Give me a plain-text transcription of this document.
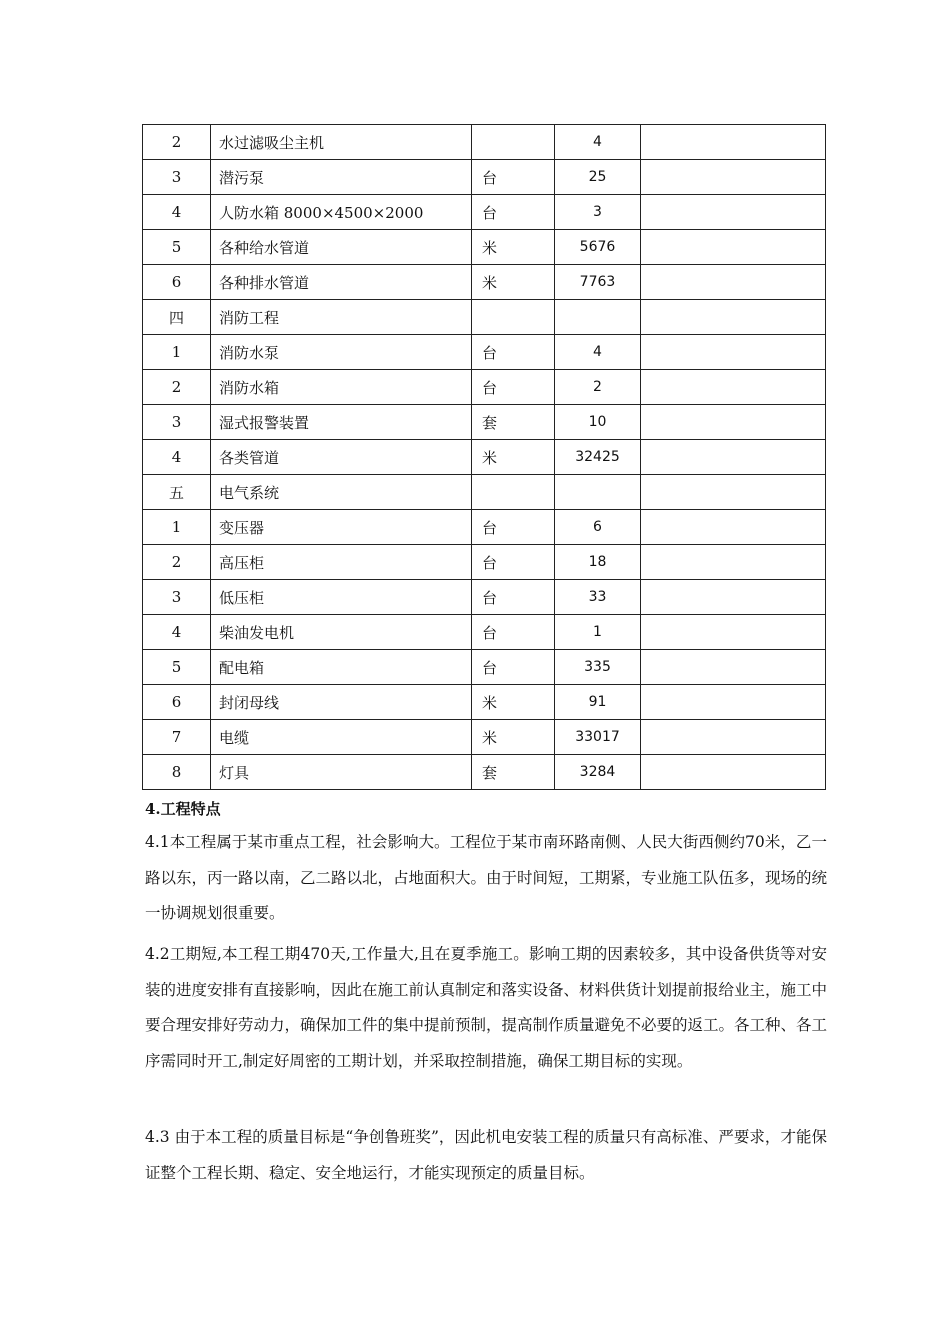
2	水过滤吸尘主机		4	
3	潜污泵	台	25	
4	人防水箱 8000×4500×2000	台	3	
5	各种给水管道	米	5676	
6	各种排水管道	米	7763	
四	消防工程			
1	消防水泵	台	4	
2	消防水箱	台	2	
3	湿式报警装置	套	10	
4	各类管道	米	32425	
五	电气系统			
1	变压器	台	6	
2	高压柜	台	18	
3	低压柜	台	33	
4	柴油发电机	台	1	
5	配电箱	台	335	
6	封闭母线	米	91	
7	电缆	米	33017	
8	灯具	套	3284	
4.工程特点

4.1本工程属于某市重点工程，社会影响大。工程位于某市南环路南侧、人民大街西侧约70米，乙一路以东，丙一路以南，乙二路以北，占地面积大。由于时间短，工期紧，专业施工队伍多，现场的统一协调规划很重要。

4.2工期短,本工程工期470天,工作量大,且在夏季施工。影响工期的因素较多，其中设备供货等对安装的进度安排有直接影响，因此在施工前认真制定和落实设备、材料供货计划提前报给业主，施工中要合理安排好劳动力，确保加工件的集中提前预制，提高制作质量避免不必要的返工。各工种、各工序需同时开工,制定好周密的工期计划，并采取控制措施，确保工期目标的实现。

4.3 由于本工程的质量目标是“争创鲁班奖”，因此机电安装工程的质量只有高标准、严要求，才能保证整个工程长期、稳定、安全地运行，才能实现预定的质量目标。
